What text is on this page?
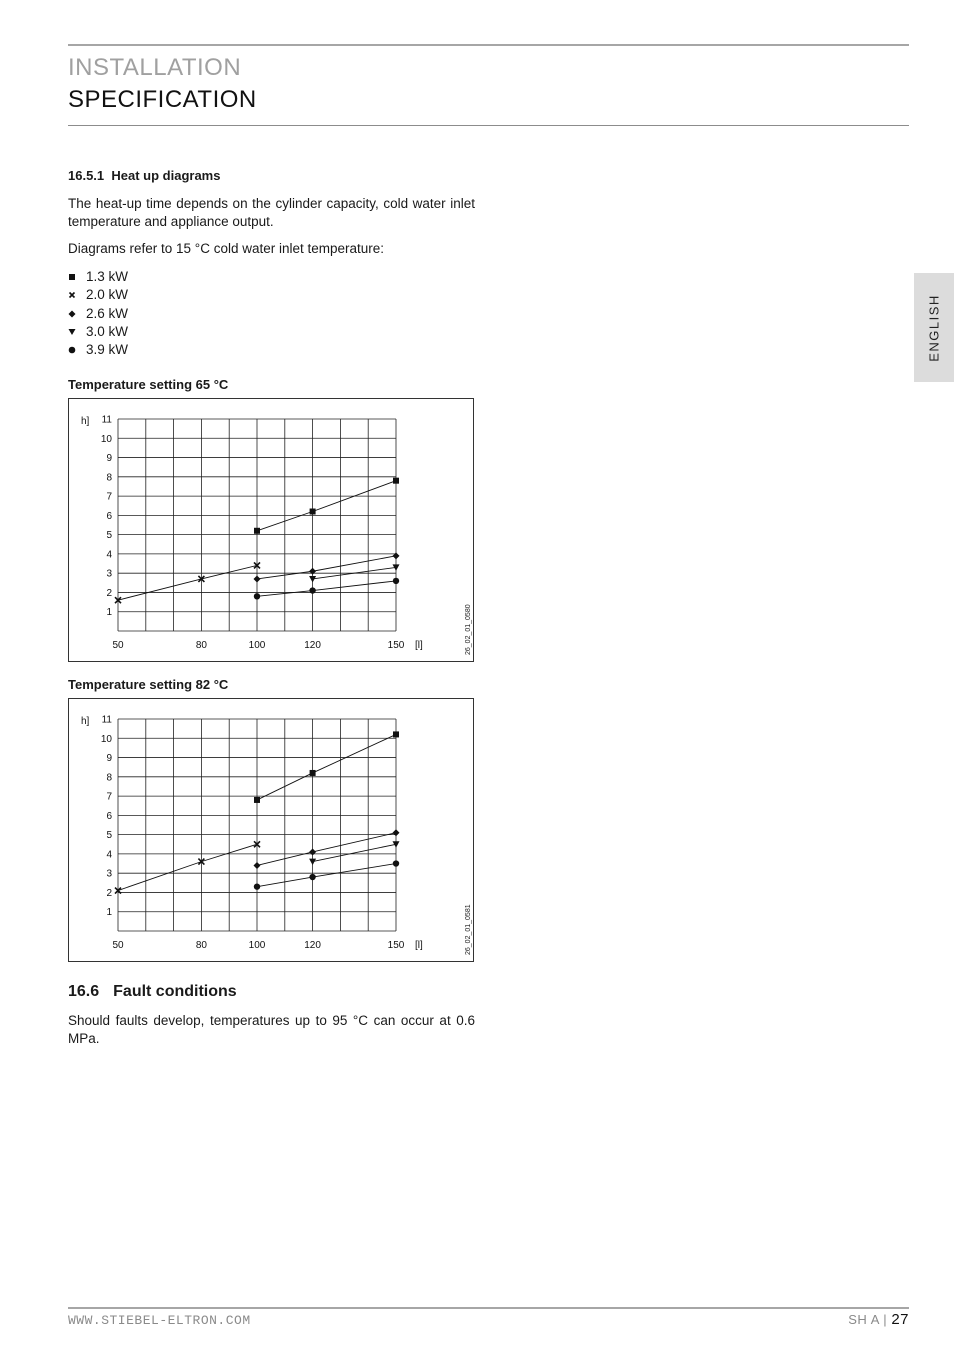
INSTALLATION
SPECIFICATION
ENGLISH
16.5.1 Heat up diagrams
The heat-up time depends on the cylinder capacity, cold water inlet temperature and appliance output.
Diagrams refer to 15 °C cold water inlet temperature:
1.3 kW
2.0 kW
2.6 kW
3.0 kW
3.9 kW
Temperature setting 65 °C
1
2
3
4
5
6
7
8
9
10
11
50	80	100	120	150
h]
[l]	26_02_01_0580
Temperature setting 82 °C
1
2
3
4
5
6
7
8
9
10
11
50	80	100	120	150
h]
[l]	26_02_01_0581
16.6 Fault conditions
Should faults develop, temperatures up to 95 °C can occur at 0.6 MPa.
WWW.STIEBEL-ELTRON.COM	SH A | 27
